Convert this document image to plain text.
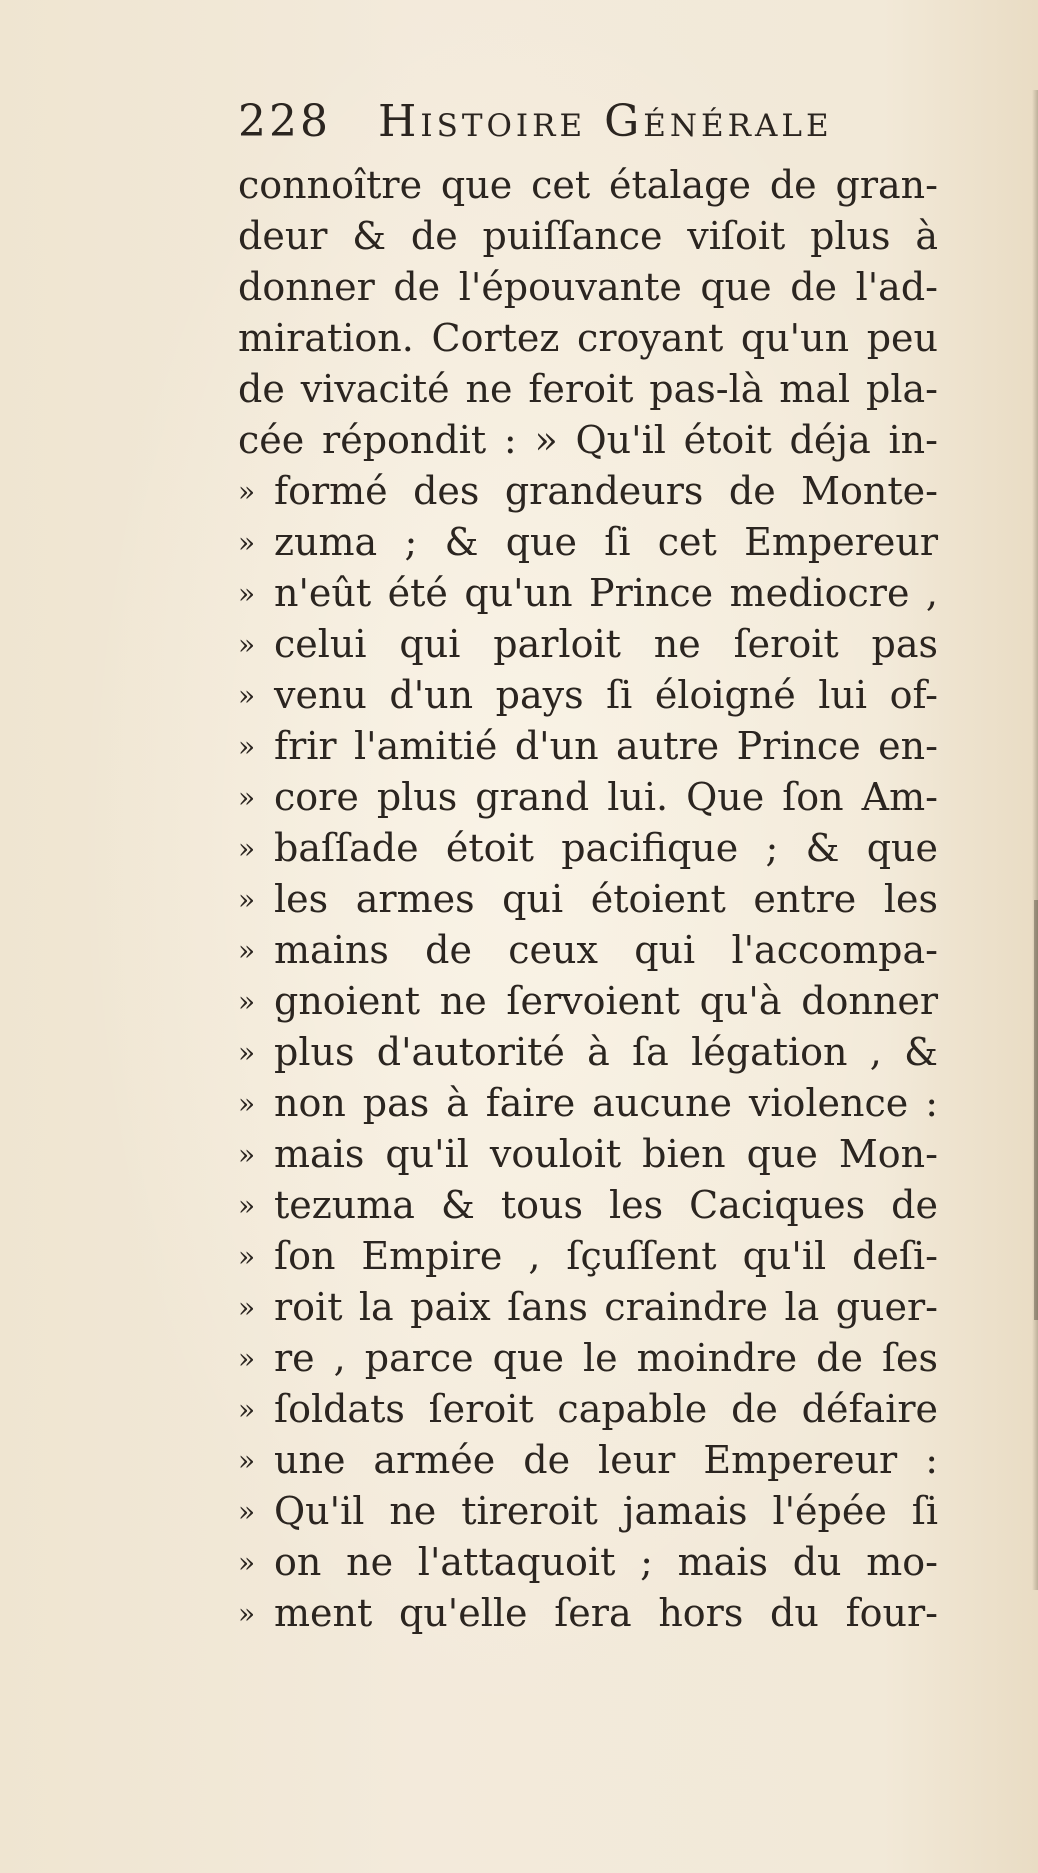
228 Histoire Générale
connoître que cet étalage de gran-
deur & de puiſſance viſoit plus à
donner de l'épouvante que de l'ad-
miration. Cortez croyant qu'un peu
de vivacité ne feroit pas-là mal pla-
cée répondit : » Qu'il étoit déja in-
» formé des grandeurs de Monte-
» zuma ; & que ſi cet Empereur
» n'eût été qu'un Prince mediocre ,
» celui qui parloit ne ſeroit pas
» venu d'un pays ſi éloigné lui of-
» frir l'amitié d'un autre Prince en-
» core plus grand lui. Que ſon Am-
» baſſade étoit pacifique ; & que
» les armes qui étoient entre les
» mains de ceux qui l'accompa-
» gnoient ne ſervoient qu'à donner
» plus d'autorité à ſa légation , &
» non pas à faire aucune violence :
» mais qu'il vouloit bien que Mon-
» tezuma & tous les Caciques de
» ſon Empire , ſçuſſent qu'il deſi-
» roit la paix ſans craindre la guer-
» re , parce que le moindre de ſes
» ſoldats ſeroit capable de défaire
» une armée de leur Empereur :
» Qu'il ne tireroit jamais l'épée ſi
» on ne l'attaquoit ; mais du mo-
» ment qu'elle ſera hors du four-
